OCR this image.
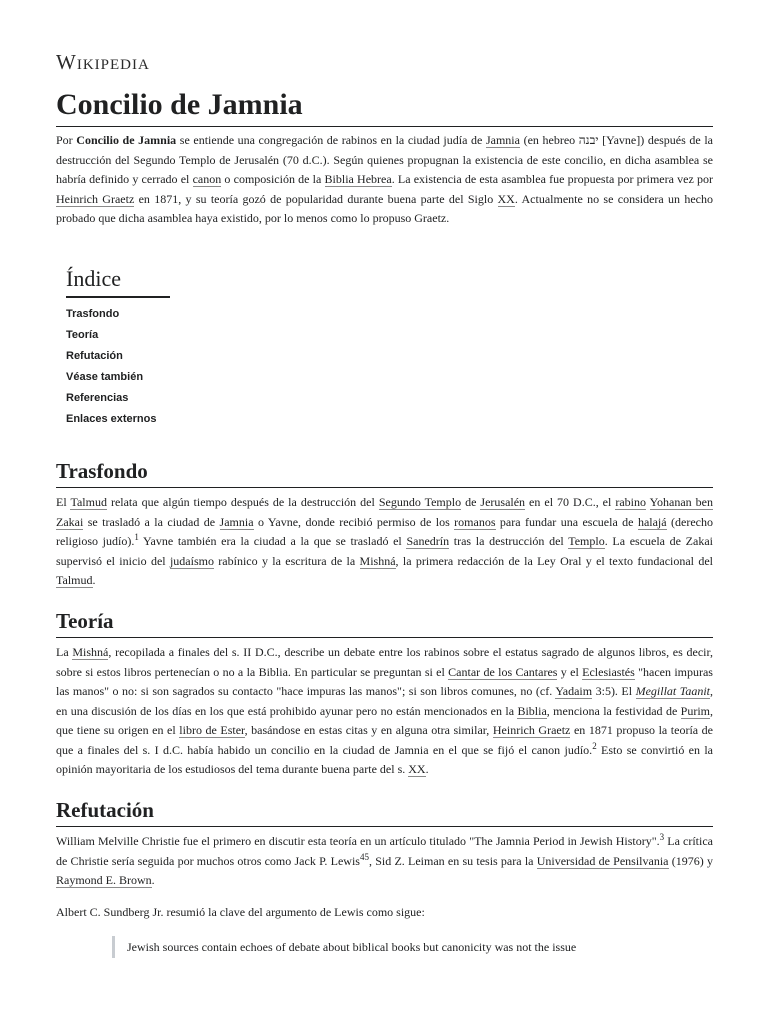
Wikipedia
Concilio de Jamnia

Por Concilio de Jamnia se entiende una congregación de rabinos en la ciudad judía de Jamnia (en hebreo יבנה [Yavne]) después de la destrucción del Segundo Templo de Jerusalén (70 d.C.). Según quienes propugnan la existencia de este concilio, en dicha asamblea se habría definido y cerrado el canon o composición de la Biblia Hebrea. La existencia de esta asamblea fue propuesta por primera vez por Heinrich Graetz en 1871, y su teoría gozó de popularidad durante buena parte del Siglo XX. Actualmente no se considera un hecho probado que dicha asamblea haya existido, por lo menos como lo propuso Graetz.

Índice
Trasfondo
Teoría
Refutación
Véase también
Referencias
Enlaces externos
Trasfondo

El Talmud relata que algún tiempo después de la destrucción del Segundo Templo de Jerusalén en el 70 D.C., el rabino Yohanan ben Zakai se trasladó a la ciudad de Jamnia o Yavne, donde recibió permiso de los romanos para fundar una escuela de halajá (derecho religioso judío).$^1$ Yavne también era la ciudad a la que se trasladó el Sanedrín tras la destrucción del Templo. La escuela de Zakai supervisó el inicio del judaísmo rabínico y la escritura de la Mishná, la primera redacción de la Ley Oral y el texto fundacional del Talmud.

Teoría

La Mishná, recopilada a finales del s. II D.C., describe un debate entre los rabinos sobre el estatus sagrado de algunos libros, es decir, sobre si estos libros pertenecían o no a la Biblia. En particular se preguntan si el Cantar de los Cantares y el Eclesiastés "hacen impuras las manos" o no: si son sagrados su contacto "hace impuras las manos"; si son libros comunes, no (cf. Yadaim 3:5). El Megillat Taanit, en una discusión de los días en los que está prohibido ayunar pero no están mencionados en la Biblia, menciona la festividad de Purim, que tiene su origen en el libro de Ester, basándose en estas citas y en alguna otra similar, Heinrich Graetz en 1871 propuso la teoría de que a finales del s. I d.C. había habido un concilio en la ciudad de Jamnia en el que se fijó el canon judío.$^2$ Esto se convirtió en la opinión mayoritaria de los estudiosos del tema durante buena parte del s. XX.

Refutación

William Melville Christie fue el primero en discutir esta teoría en un artículo titulado "The Jamnia Period in Jewish History".$^3$ La crítica de Christie sería seguida por muchos otros como Jack P. Lewis$^{45}$, Sid Z. Leiman en su tesis para la Universidad de Pensilvania (1976) y Raymond E. Brown.

Albert C. Sundberg Jr. resumió la clave del argumento de Lewis como sigue:

Jewish sources contain echoes of debate about biblical books but canonicity was not the issue
